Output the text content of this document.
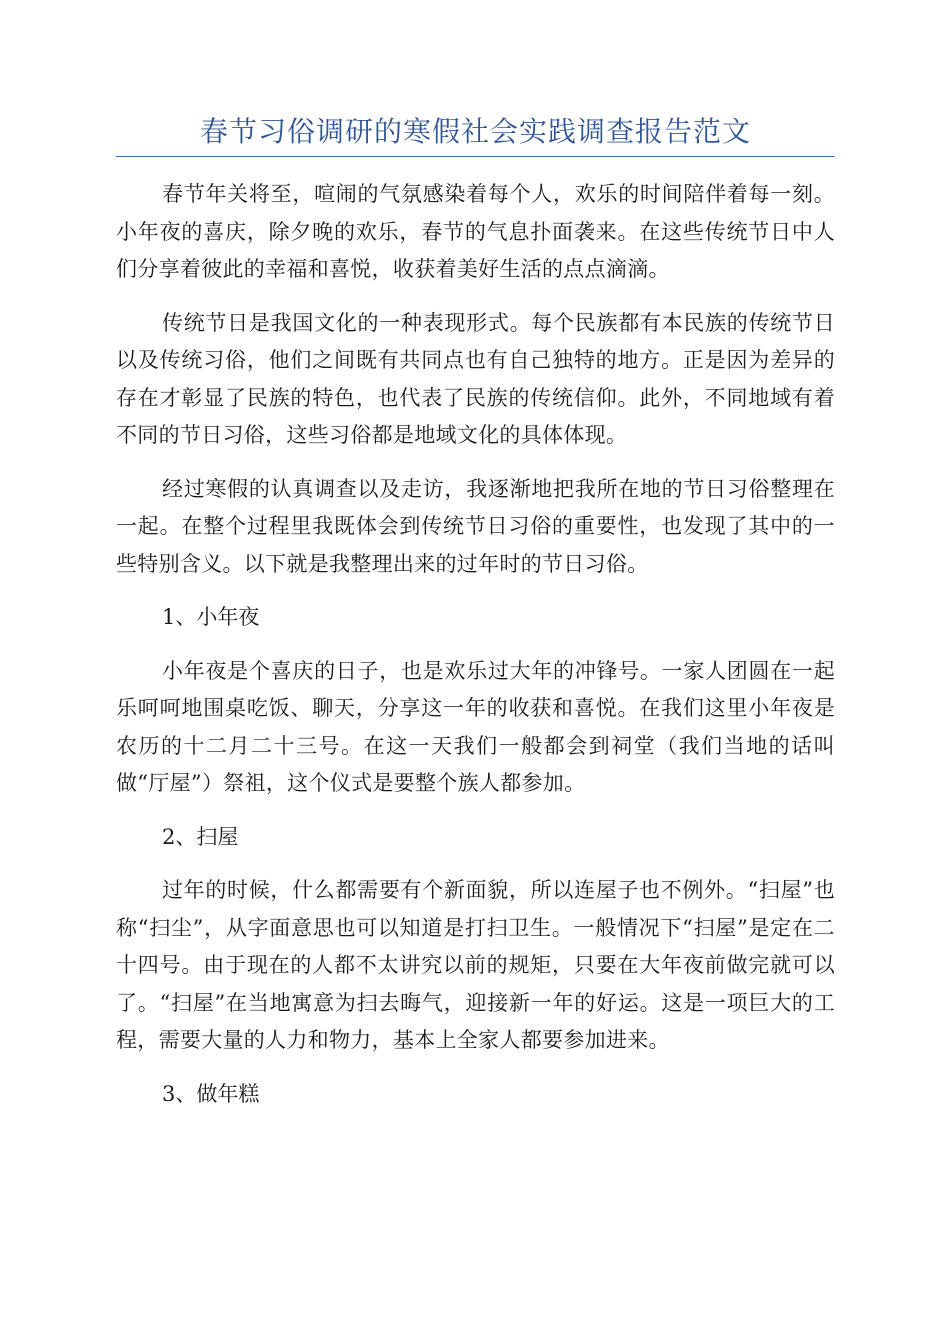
春节习俗调研的寒假社会实践调查报告范文

春节年关将至，喧闹的气氛感染着每个人，欢乐的时间陪伴着每一刻。小年夜的喜庆，除夕晚的欢乐，春节的气息扑面袭来。在这些传统节日中人们分享着彼此的幸福和喜悦，收获着美好生活的点点滴滴。

传统节日是我国文化的一种表现形式。每个民族都有本民族的传统节日以及传统习俗，他们之间既有共同点也有自己独特的地方。正是因为差异的存在才彰显了民族的特色，也代表了民族的传统信仰。此外，不同地域有着不同的节日习俗，这些习俗都是地域文化的具体体现。

经过寒假的认真调查以及走访，我逐渐地把我所在地的节日习俗整理在一起。在整个过程里我既体会到传统节日习俗的重要性，也发现了其中的一些特别含义。以下就是我整理出来的过年时的节日习俗。

1、小年夜

小年夜是个喜庆的日子，也是欢乐过大年的冲锋号。一家人团圆在一起乐呵呵地围桌吃饭、聊天，分享这一年的收获和喜悦。在我们这里小年夜是农历的十二月二十三号。在这一天我们一般都会到祠堂（我们当地的话叫做“厅屋”）祭祖，这个仪式是要整个族人都参加。

2、扫屋

过年的时候，什么都需要有个新面貌，所以连屋子也不例外。“扫屋”也称“扫尘”，从字面意思也可以知道是打扫卫生。一般情况下“扫屋”是定在二十四号。由于现在的人都不太讲究以前的规矩，只要在大年夜前做完就可以了。“扫屋”在当地寓意为扫去晦气，迎接新一年的好运。这是一项巨大的工程，需要大量的人力和物力，基本上全家人都要参加进来。

3、做年糕
